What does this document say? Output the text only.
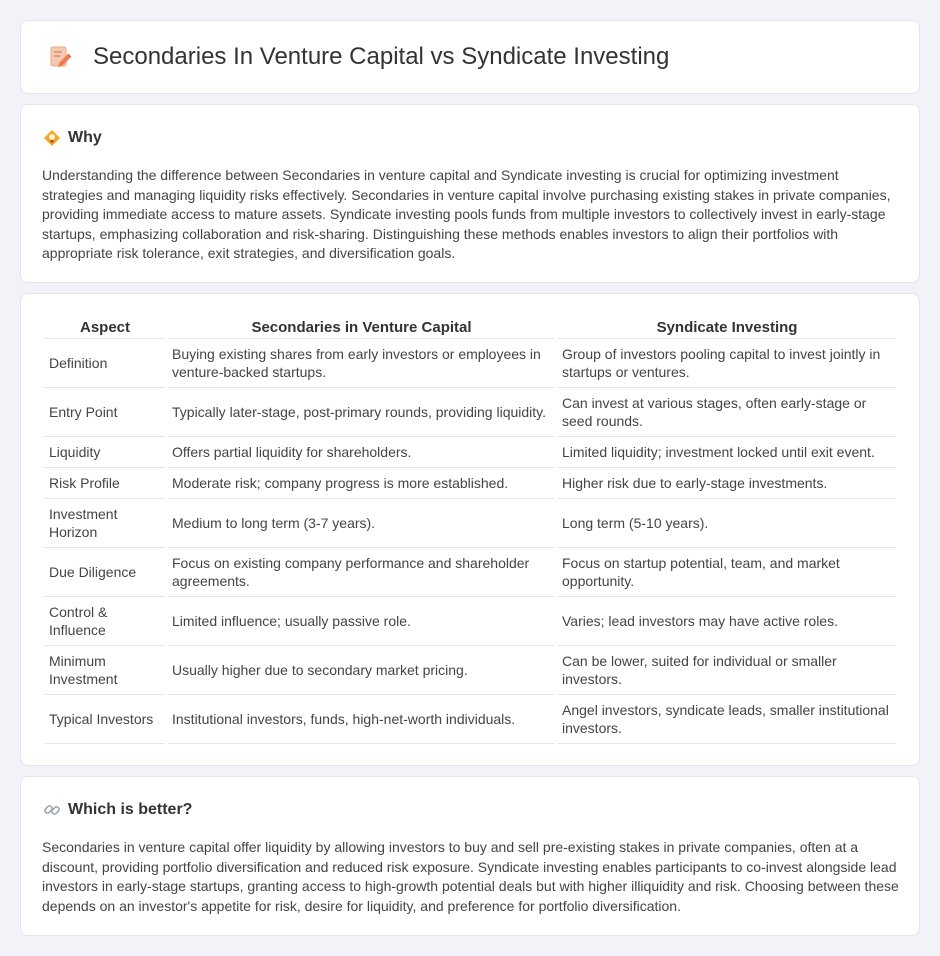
Secondaries In Venture Capital vs Syndicate Investing
Why

Understanding the difference between Secondaries in venture capital and Syndicate investing is crucial for optimizing investment strategies and managing liquidity risks effectively. Secondaries in venture capital involve purchasing existing stakes in private companies, providing immediate access to mature assets. Syndicate investing pools funds from multiple investors to collectively invest in early-stage startups, emphasizing collaboration and risk-sharing. Distinguishing these methods enables investors to align their portfolios with appropriate risk tolerance, exit strategies, and diversification goals.

Aspect	Secondaries in Venture Capital	Syndicate Investing
Definition	Buying existing shares from early investors or employees in venture-backed startups.	Group of investors pooling capital to invest jointly in startups or ventures.
Entry Point	Typically later-stage, post-primary rounds, providing liquidity.	Can invest at various stages, often early-stage or seed rounds.
Liquidity	Offers partial liquidity for shareholders.	Limited liquidity; investment locked until exit event.
Risk Profile	Moderate risk; company progress is more established.	Higher risk due to early-stage investments.
Investment Horizon	Medium to long term (3-7 years).	Long term (5-10 years).
Due Diligence	Focus on existing company performance and shareholder agreements.	Focus on startup potential, team, and market opportunity.
Control & Influence	Limited influence; usually passive role.	Varies; lead investors may have active roles.
Minimum Investment	Usually higher due to secondary market pricing.	Can be lower, suited for individual or smaller investors.
Typical Investors	Institutional investors, funds, high-net-worth individuals.	Angel investors, syndicate leads, smaller institutional investors.
Which is better?

Secondaries in venture capital offer liquidity by allowing investors to buy and sell pre-existing stakes in private companies, often at a discount, providing portfolio diversification and reduced risk exposure. Syndicate investing enables participants to co-invest alongside lead investors in early-stage startups, granting access to high-growth potential deals but with higher illiquidity and risk. Choosing between these depends on an investor's appetite for risk, desire for liquidity, and preference for portfolio diversification.
